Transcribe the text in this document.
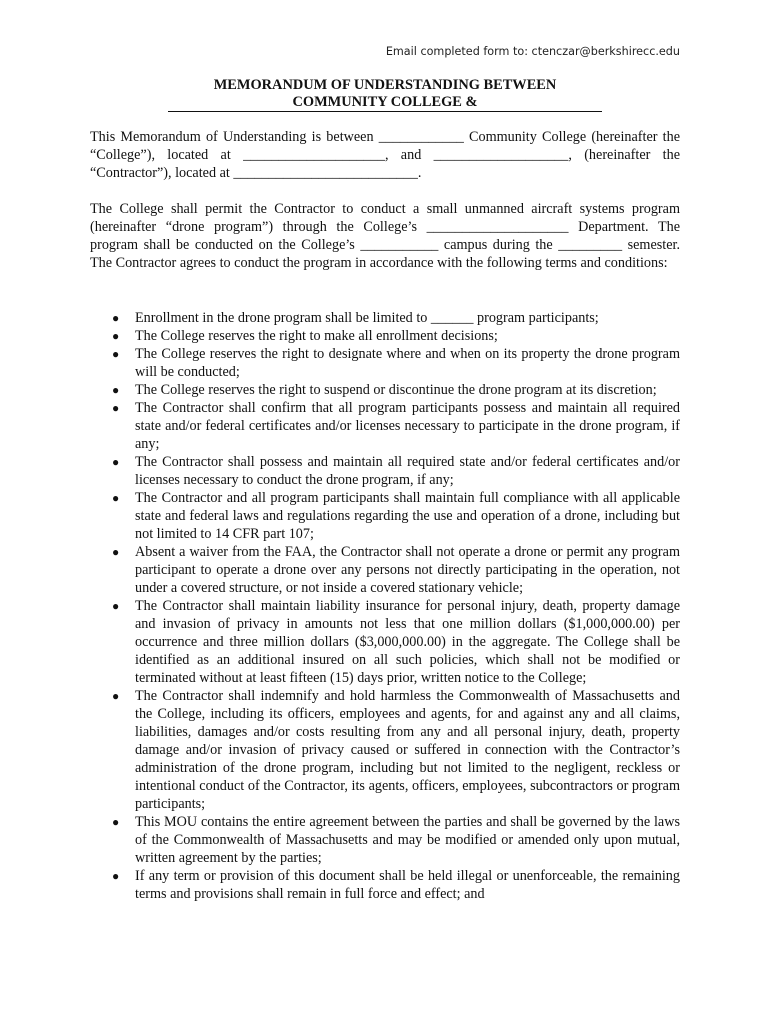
Email completed form to: ctenczar@berkshirecc.edu
MEMORANDUM OF UNDERSTANDING BETWEEN

COMMUNITY COLLEGE &
This Memorandum of Understanding is between ____________ Community College (hereinafter the “College”), located at ____________________, and ___________________, (hereinafter the “Contractor”), located at __________________________.
The College shall permit the Contractor to conduct a small unmanned aircraft systems program (hereinafter “drone program”) through the College’s ____________________ Department. The program shall be conducted on the College’s ___________ campus during the _________ semester. The Contractor agrees to conduct the program in accordance with the following terms and conditions:
● Enrollment in the drone program shall be limited to ______ program participants;
● The College reserves the right to make all enrollment decisions;
● The College reserves the right to designate where and when on its property the drone program will be conducted;
● The College reserves the right to suspend or discontinue the drone program at its discretion;
● The Contractor shall confirm that all program participants possess and maintain all required state and/or federal certificates and/or licenses necessary to participate in the drone program, if any;
● The Contractor shall possess and maintain all required state and/or federal certificates and/or licenses necessary to conduct the drone program, if any;
● The Contractor and all program participants shall maintain full compliance with all applicable state and federal laws and regulations regarding the use and operation of a drone, including but not limited to 14 CFR part 107;
● Absent a waiver from the FAA, the Contractor shall not operate a drone or permit any program participant to operate a drone over any persons not directly participating in the operation, not under a covered structure, or not inside a covered stationary vehicle;
● The Contractor shall maintain liability insurance for personal injury, death, property damage and invasion of privacy in amounts not less that one million dollars ($1,000,000.00) per occurrence and three million dollars ($3,000,000.00) in the aggregate. The College shall be identified as an additional insured on all such policies, which shall not be modified or terminated without at least fifteen (15) days prior, written notice to the College;
● The Contractor shall indemnify and hold harmless the Commonwealth of Massachusetts and the College, including its officers, employees and agents, for and against any and all claims, liabilities, damages and/or costs resulting from any and all personal injury, death, property damage and/or invasion of privacy caused or suffered in connection with the Contractor’s administration of the drone program, including but not limited to the negligent, reckless or intentional conduct of the Contractor, its agents, officers, employees, subcontractors or program participants;
● This MOU contains the entire agreement between the parties and shall be governed by the laws of the Commonwealth of Massachusetts and may be modified or amended only upon mutual, written agreement by the parties;
● If any term or provision of this document shall be held illegal or unenforceable, the remaining terms and provisions shall remain in full force and effect; and
